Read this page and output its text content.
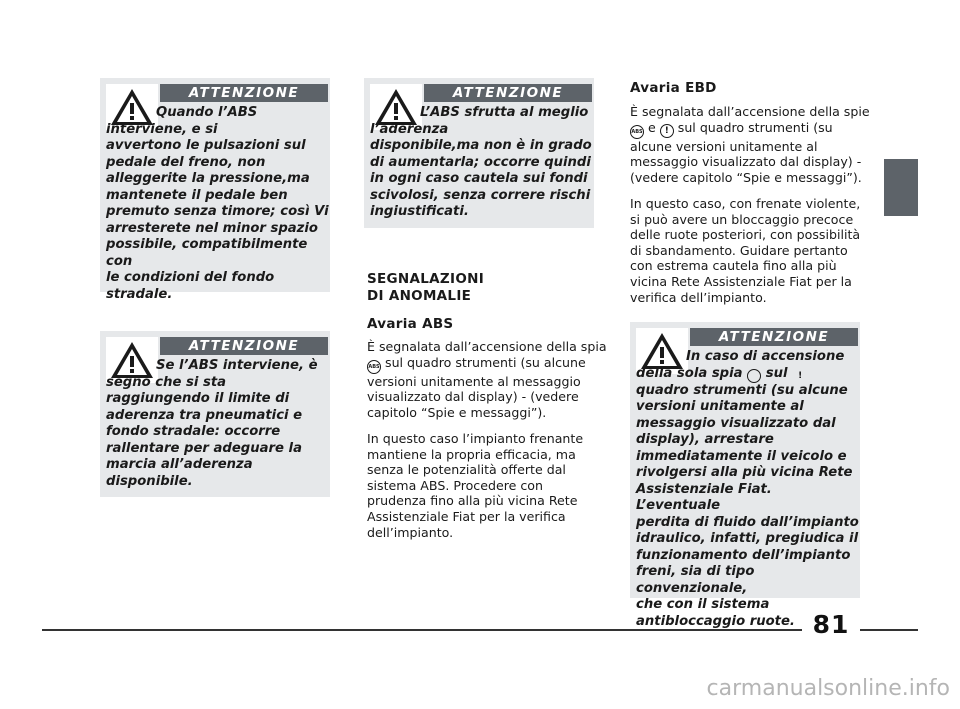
ATTENZIONE

Quando l’ABS
interviene, e si
avvertono le pulsazioni sul
pedale del freno, non
alleggerite la pressione,ma
mantenete il pedale ben
premuto senza timore; così Vi
arresterete nel minor spazio
possibile, compatibilmente con
le condizioni del fondo
stradale.

ATTENZIONE

Se l’ABS interviene, è
segno che si sta
raggiungendo il limite di
aderenza tra pneumatici e
fondo stradale: occorre
rallentare per adeguare la
marcia all’aderenza
disponibile.

ATTENZIONE

L’ABS sfrutta al meglio
l’aderenza
disponibile,ma non è in grado
di aumentarla; occorre quindi
in ogni caso cautela sui fondi
scivolosi, senza correre rischi
ingiustificati.

SEGNALAZIONI
DI ANOMALIE

Avaria ABS

È segnalata dall’accensione della spia
ABS sul quadro strumenti (su alcune
versioni unitamente al messaggio
visualizzato dal display) - (vedere
capitolo “Spie e messaggi”).

In questo caso l’impianto frenante
mantiene la propria efficacia, ma
senza le potenzialità offerte dal
sistema ABS. Procedere con
prudenza fino alla più vicina Rete
Assistenziale Fiat per la verifica
dell’impianto.

Avaria EBD

È segnalata dall’accensione della spie
ABS e ! sul quadro strumenti (su
alcune versioni unitamente al
messaggio visualizzato dal display) -
(vedere capitolo “Spie e messaggi”).

In questo caso, con frenate violente,
si può avere un bloccaggio precoce
delle ruote posteriori, con possibilità
di sbandamento. Guidare pertanto
con estrema cautela fino alla più
vicina Rete Assistenziale Fiat per la
verifica dell’impianto.

ATTENZIONE

In caso di accensione
della sola spia	! sul
quadro strumenti (su alcune
versioni unitamente al
messaggio visualizzato dal
display), arrestare
immediatamente il veicolo e
rivolgersi alla più vicina Rete
Assistenziale Fiat. L’eventuale
perdita di fluido dall’impianto
idraulico, infatti, pregiudica il
funzionamento dell’impianto
freni, sia di tipo convenzionale,
che con il sistema
antibloccaggio ruote. 81
carmanualsonline.info
